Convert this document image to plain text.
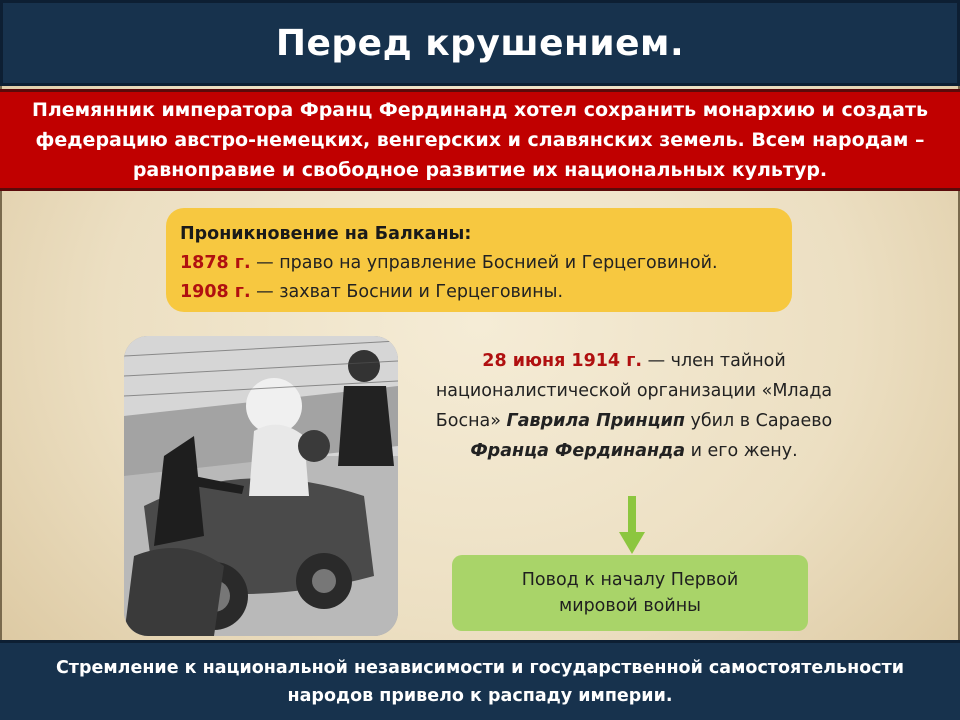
Перед крушением.
Племянник императора Франц Фердинанд хотел сохранить монархию и создать федерацию австро-немецких, венгерских и славянских земель. Всем народам – равноправие и свободное развитие их национальных культур.
Проникновение на Балканы:
1878 г. — право на управление Боснией и Герцеговиной.
1908 г. — захват Боснии и Герцеговины.
28 июня 1914 г. — член тайной националистической организации «Млада Босна» Гаврила Принцип убил в Сараево Франца Фердинанда и его жену.
Повод к началу Первой мировой войны
Стремление к национальной независимости и государственной самостоятельности народов привело к распаду империи.
